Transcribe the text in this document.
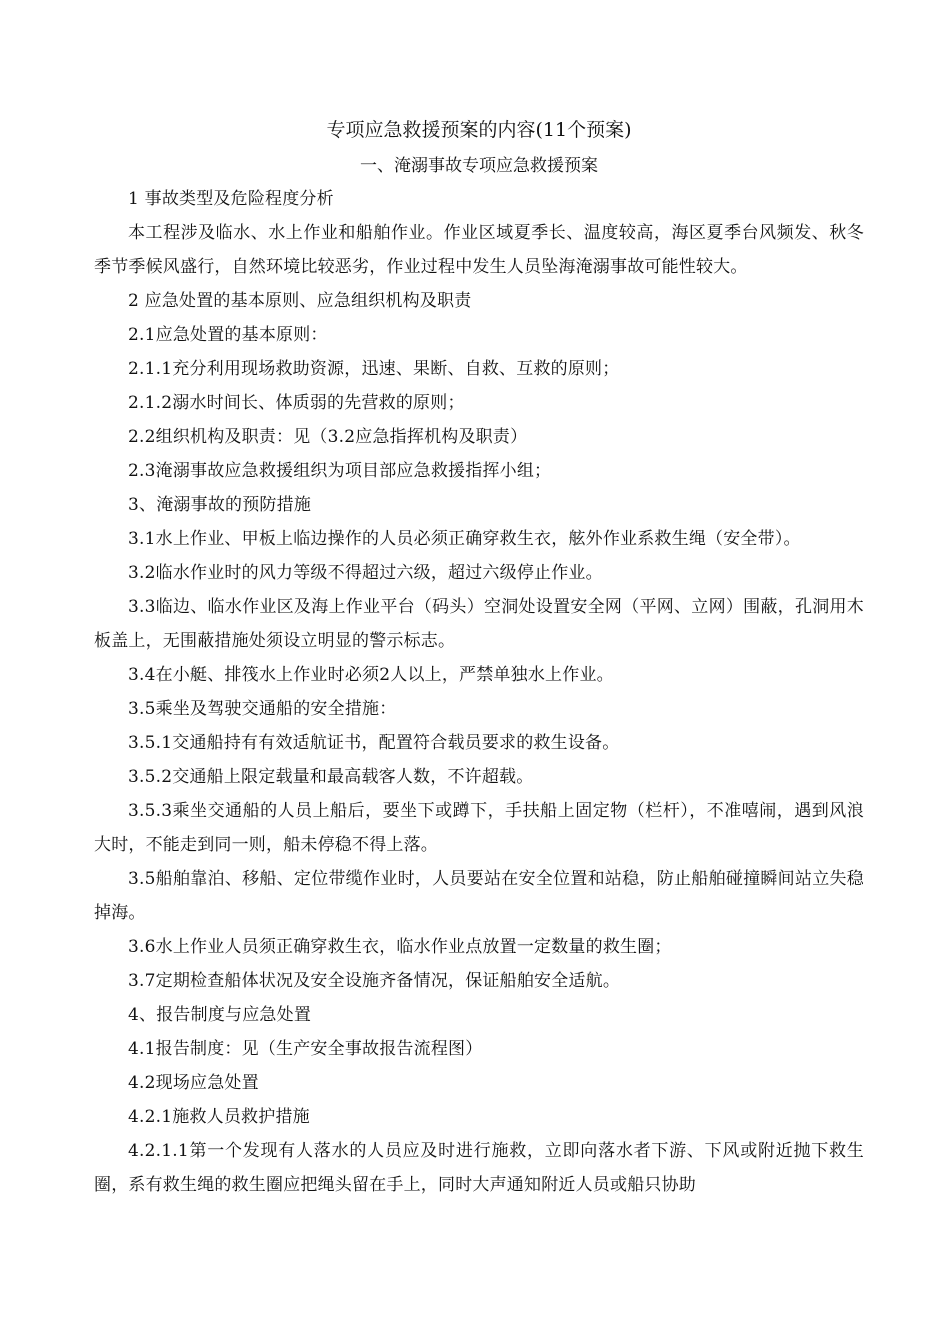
专项应急救援预案的内容(11个预案)
一、淹溺事故专项应急救援预案

1 事故类型及危险程度分析

本工程涉及临水、水上作业和船舶作业。作业区域夏季长、温度较高，海区夏季台风频发、秋冬季节季候风盛行，自然环境比较恶劣，作业过程中发生人员坠海淹溺事故可能性较大。

2 应急处置的基本原则、应急组织机构及职责

2.1应急处置的基本原则：

2.1.1充分利用现场救助资源，迅速、果断、自救、互救的原则；

2.1.2溺水时间长、体质弱的先营救的原则；

2.2组织机构及职责：见（3.2应急指挥机构及职责）

2.3淹溺事故应急救援组织为项目部应急救援指挥小组；

3、淹溺事故的预防措施

3.1水上作业、甲板上临边操作的人员必须正确穿救生衣，舷外作业系救生绳（安全带）。

3.2临水作业时的风力等级不得超过六级，超过六级停止作业。

3.3临边、临水作业区及海上作业平台（码头）空洞处设置安全网（平网、立网）围蔽，孔洞用木板盖上，无围蔽措施处须设立明显的警示标志。

3.4在小艇、排筏水上作业时必须2人以上，严禁单独水上作业。

3.5乘坐及驾驶交通船的安全措施：

3.5.1交通船持有有效适航证书，配置符合载员要求的救生设备。

3.5.2交通船上限定载量和最高载客人数，不许超载。

3.5.3乘坐交通船的人员上船后，要坐下或蹲下，手扶船上固定物（栏杆），不准嘻闹，遇到风浪大时，不能走到同一则，船未停稳不得上落。

3.5船舶靠泊、移船、定位带缆作业时，人员要站在安全位置和站稳，防止船舶碰撞瞬间站立失稳掉海。

3.6水上作业人员须正确穿救生衣，临水作业点放置一定数量的救生圈；

3.7定期检查船体状况及安全设施齐备情况，保证船舶安全适航。

4、报告制度与应急处置

4.1报告制度：见（生产安全事故报告流程图）

4.2现场应急处置

4.2.1施救人员救护措施

4.2.1.1第一个发现有人落水的人员应及时进行施救，立即向落水者下游、下风或附近抛下救生圈，系有救生绳的救生圈应把绳头留在手上，同时大声通知附近人员或船只协助
